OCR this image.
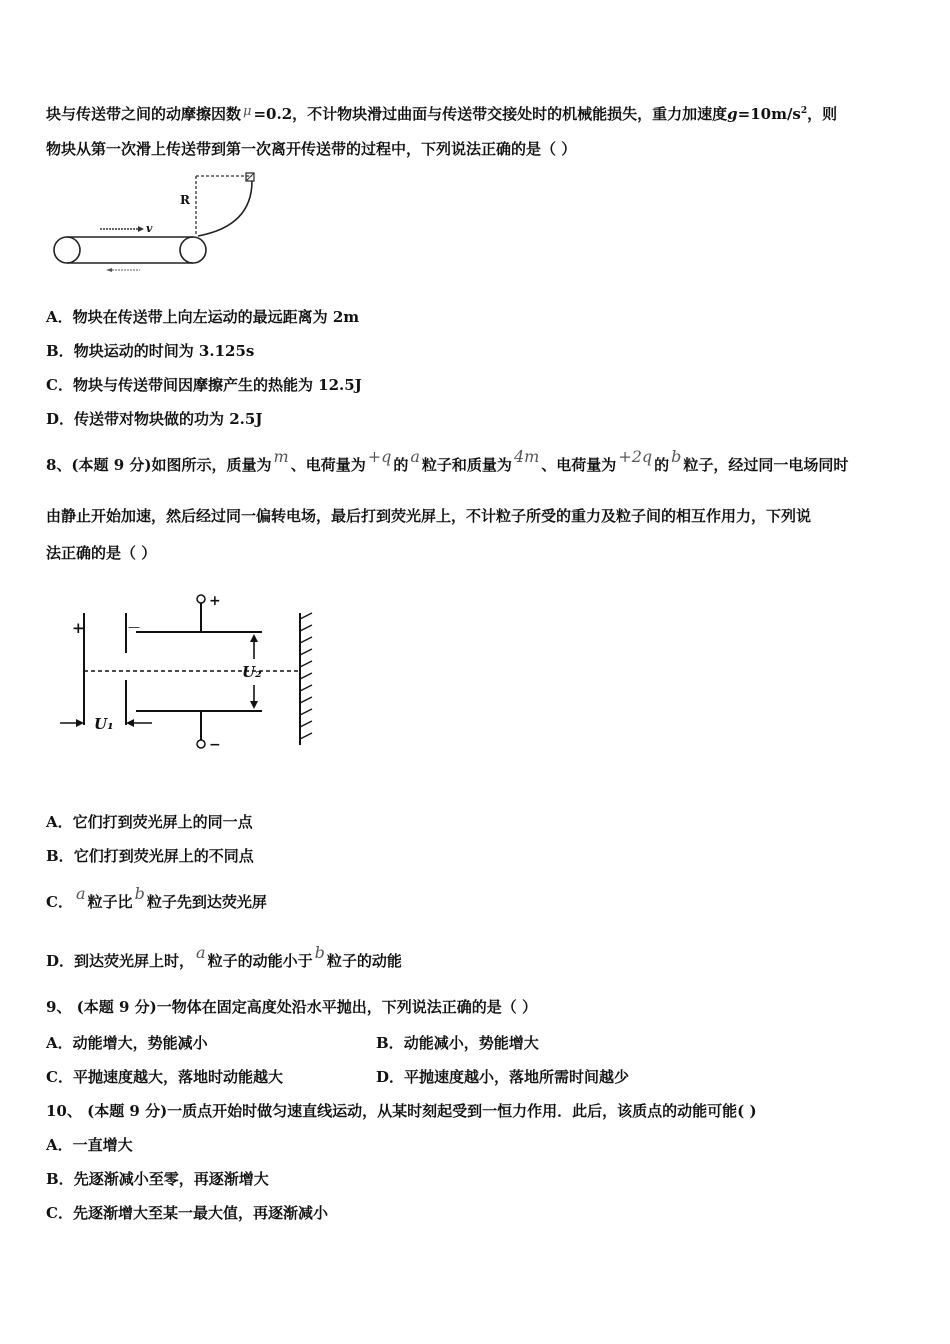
块与传送带之间的动摩擦因数 μ =0.2，不计物块滑过曲面与传送带交接处时的机械能损失，重力加速度$g=10m/s^2$，则
物块从第一次滑上传送带到第一次离开传送带的过程中，下列说法正确的是（ ）
R
v
A．物块在传送带上向左运动的最远距离为 2m
B．物块运动的时间为 3.125s
C．物块与传送带间因摩擦产生的热能为 12.5J
D．传送带对物块做的功为 2.5J
8、(本题 9 分)如图所示，质量为 m 、电荷量为 +q 的 a 粒子和质量为 4m 、电荷量为 +2q 的 b 粒子，经过同一电场同时
由静止开始加速，然后经过同一偏转电场，最后打到荧光屏上，不计粒子所受的重力及粒子间的相互作用力，下列说
法正确的是（ ）
+	—
+
−
U₂
U₁
A．它们打到荧光屏上的同一点
B．它们打到荧光屏上的不同点
C． a 粒子比 b 粒子先到达荧光屏
D．到达荧光屏上时， a 粒子的动能小于 b 粒子的动能
9、 (本题 9 分)一物体在固定高度处沿水平抛出，下列说法正确的是（ ）
A．动能增大，势能减小	B．动能减小，势能增大
C．平抛速度越大，落地时动能越大	D．平抛速度越小，落地所需时间越少
10、 (本题 9 分)一质点开始时做匀速直线运动，从某时刻起受到一恒力作用．此后，该质点的动能可能( )
A．一直增大
B．先逐渐减小至零，再逐渐增大
C．先逐渐增大至某一最大值，再逐渐减小
